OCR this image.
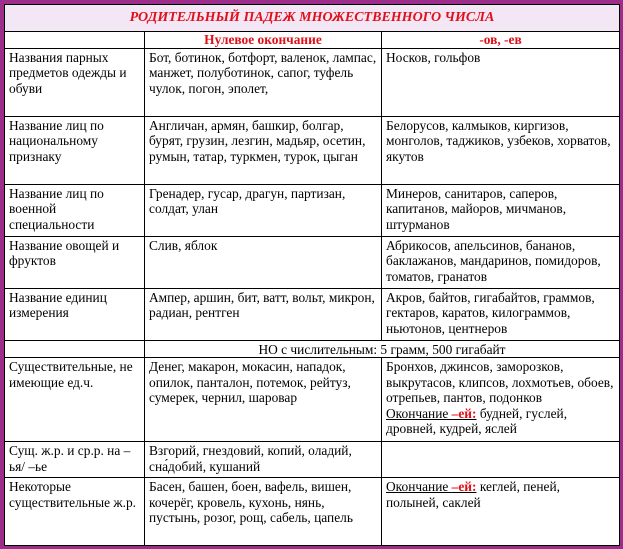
РОДИТЕЛЬНЫЙ ПАДЕЖ МНОЖЕСТВЕННОГО ЧИСЛА		
	Нулевое окончание	-ов, -ев
Названия парных предметов одежды и обуви	Бот, ботинок, ботфорт, валенок, лампас, манжет, полуботинок, сапог, туфель чулок, погон, эполет,	Носков, гольфов
Название лиц по национальному признаку	Англичан, армян, башкир, болгар, бурят, грузин, лезгин, мадьяр, осетин, румын, татар, туркмен, турок, цыган	Белорусов, калмыков, киргизов, монголов, таджиков, узбеков, хорватов, якутов
Название лиц по военной специальности	Гренадер, гусар, драгун, партизан, солдат, улан	Минеров, санитаров, саперов, капитанов, майоров, мичманов, штурманов
Название овощей и фруктов	Слив, яблок	Абрикосов, апельсинов, бананов, баклажанов, мандаринов, помидоров, томатов, гранатов
Название единиц измерения	Ампер, аршин, бит, ватт, вольт, микрон, радиан, рентген	Акров, байтов, гигабайтов, граммов, гектаров, каратов, килограммов, ньютонов, центнеров
	НО с числительным: 5 грамм, 500 гигабайт	
Существительные, не имеющие ед.ч.	Денег, макарон, мокасин, нападок, опилок, панталон, потемок, рейтуз, сумерек, чернил, шаровар	Бронхов, джинсов, заморозков, выкрутасов, клипсов, лохмотьев, обоев, отрепьев, пантов, подонков
Окончание –ей: будней, гуслей, дровней, кудрей, яслей
Сущ. ж.р. и ср.р. на –ья/ –ье	Взгорий, гнездовий, копий, оладий, сна́добий, кушаний	
Некоторые существительные ж.р.	Басен, башен, боен, вафель, вишен, кочерёг, кровель, кухонь, нянь, пустынь, розог, рощ, сабель, цапель	Окончание –ей: кеглей, пеней, полыней, саклей
